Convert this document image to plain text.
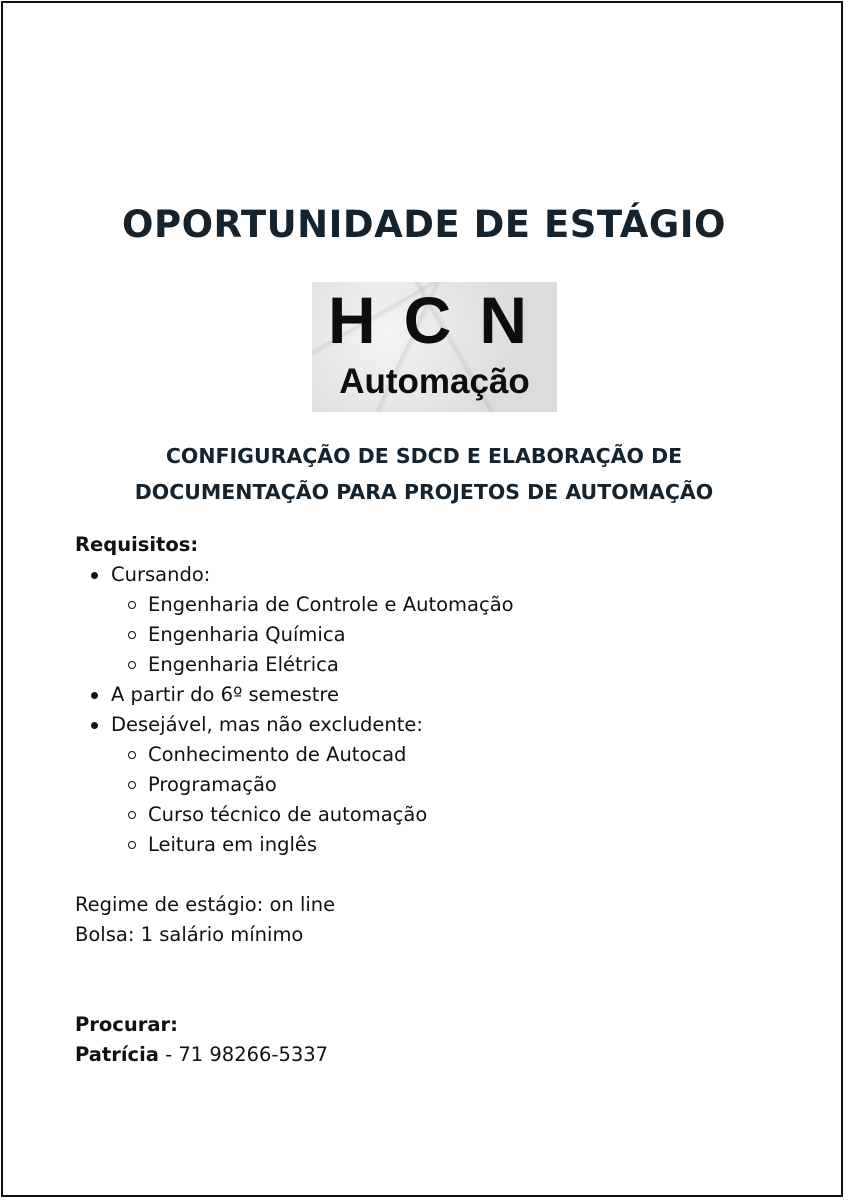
OPORTUNIDADE DE ESTÁGIO
HCN
Automação
CONFIGURAÇÃO DE SDCD E ELABORAÇÃO DE
DOCUMENTAÇÃO PARA PROJETOS DE AUTOMAÇÃO
Requisitos:
Cursando:
Engenharia de Controle e Automação
Engenharia Química
Engenharia Elétrica
A partir do 6º semestre
Desejável, mas não excludente:
Conhecimento de Autocad
Programação
Curso técnico de automação
Leitura em inglês
Regime de estágio: on line
Bolsa: 1 salário mínimo
Procurar:
Patrícia - 71 98266-5337
